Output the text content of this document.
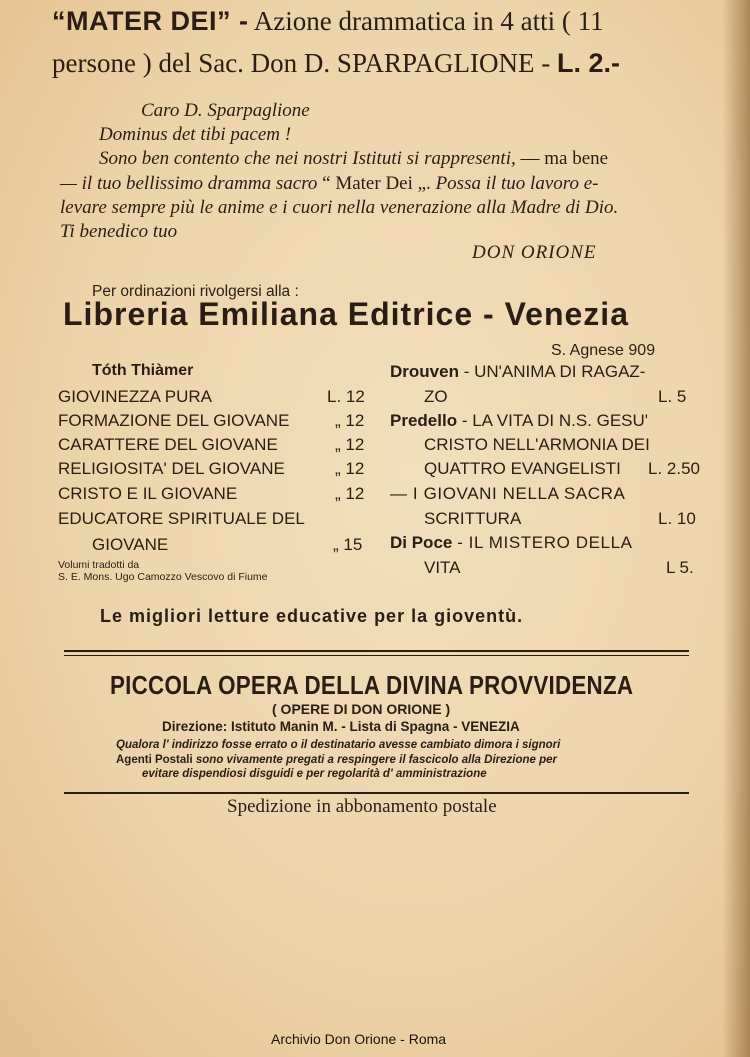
“MATER DEI” - Azione drammatica in 4 atti ( 11
persone ) del Sac. Don D. SPARPAGLIONE - L. 2.-
Caro D. Sparpaglione
Dominus det tibi pacem !
Sono ben contento che nei nostri Istituti si rappresenti, — ma bene
— il tuo bellissimo dramma sacro “ Mater Dei „. Possa il tuo lavoro e-
levare sempre più le anime e i cuori nella venerazione alla Madre di Dio.
Ti benedico tuo
DON ORIONE
Per ordinazioni rivolgersi alla :
Libreria Emiliana Editrice - Venezia
S. Agnese 909
Tóth Thiàmer
GIOVINEZZA PURA	L. 12
FORMAZIONE DEL GIOVANE	„ 12
CARATTERE DEL GIOVANE	„ 12
RELIGIOSITA' DEL GIOVANE	„ 12
CRISTO E IL GIOVANE	„ 12
EDUCATORE SPIRITUALE DEL
GIOVANE	„ 15
Volumi tradotti da
S. E. Mons. Ugo Camozzo Vescovo di Fiume
Drouven - UN'ANIMA DI RAGAZ-
ZO	L. 5
Predello - LA VITA DI N.S. GESU'
CRISTO NELL'ARMONIA DEI
QUATTRO EVANGELISTI L. 2.50
— I GIOVANI NELLA SACRA
SCRITTURA	L. 10
Di Poce - IL MISTERO DELLA
VITA	L 5.
Le migliori letture educative per la gioventù.
PICCOLA OPERA DELLA DIVINA PROVVIDENZA
( OPERE DI DON ORIONE )
Direzione: Istituto Manin M. - Lista di Spagna - VENEZIA
Qualora l' indirizzo fosse errato o il destinatario avesse cambiato dimora i signori
Agenti Postali sono vivamente pregati a respingere il fascicolo alla Direzione per
evitare dispendiosi disguidi e per regolarità d' amministrazione
Spedizione in abbonamento postale
Archivio Don Orione - Roma
